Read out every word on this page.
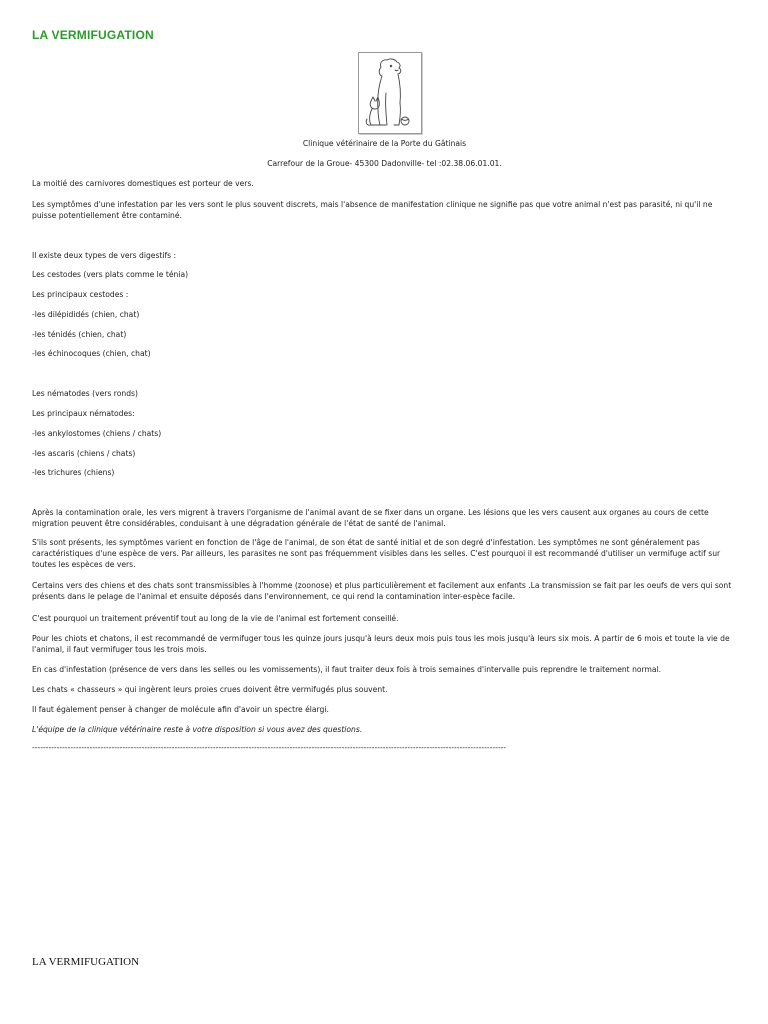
LA VERMIFUGATION

Clinique vétérinaire de la Porte du Gâtinais

Carrefour de la Groue- 45300 Dadonville- tel :02.38.06.01.01.

La moitié des carnivores domestiques est porteur de vers.

Les symptômes d'une infestation par les vers sont le plus souvent discrets, mais l'absence de manifestation clinique ne signifie pas que votre animal n'est pas parasité, ni qu'il ne puisse potentiellement être contaminé.

Il existe deux types de vers digestifs :

Les cestodes (vers plats comme le ténia)

Les principaux cestodes :

-les dilépididés (chien, chat)

-les ténidés (chien, chat)

-les échinocoques (chien, chat)

Les nématodes (vers ronds)

Les principaux nématodes:

-les ankylostomes (chiens / chats)

-les ascaris (chiens / chats)

-les trichures (chiens)

Après la contamination orale, les vers migrent à travers l'organisme de l'animal avant de se fixer dans un organe. Les lésions que les vers causent aux organes au cours de cette migration peuvent être considérables, conduisant à une dégradation générale de l'état de santé de l'animal.

S'ils sont présents, les symptômes varient en fonction de l'âge de l'animal, de son état de santé initial et de son degré d'infestation. Les symptômes ne sont généralement pas caractéristiques d'une espèce de vers. Par ailleurs, les parasites ne sont pas fréquemment visibles dans les selles. C'est pourquoi il est recommandé d'utiliser un vermifuge actif sur toutes les espèces de vers.

Certains vers des chiens et des chats sont transmissibles à l'homme (zoonose) et plus particulièrement et facilement aux enfants .La transmission se fait par les oeufs de vers qui sont présents dans le pelage de l'animal et ensuite déposés dans l'environnement, ce qui rend la contamination inter-espèce facile.

C'est pourquoi un traitement préventif tout au long de la vie de l'animal est fortement conseillé.

Pour les chiots et chatons, il est recommandé de vermifuger tous les quinze jours jusqu'à leurs deux mois puis tous les mois jusqu'à leurs six mois. A partir de 6 mois et toute la vie de l'animal, il faut vermifuger tous les trois mois.

En cas d'infestation (présence de vers dans les selles ou les vomissements), il faut traiter deux fois à trois semaines d'intervalle puis reprendre le traitement normal.

Les chats « chasseurs » qui ingèrent leurs proies crues doivent être vermifugés plus souvent.

Il faut également penser à changer de molécule afin d'avoir un spectre élargi.

L'équipe de la clinique vétérinaire reste à votre disposition si vous avez des questions.

-----------------------------------------------------------------------------------------------------------------------------------------------------------------------------

LA VERMIFUGATION
